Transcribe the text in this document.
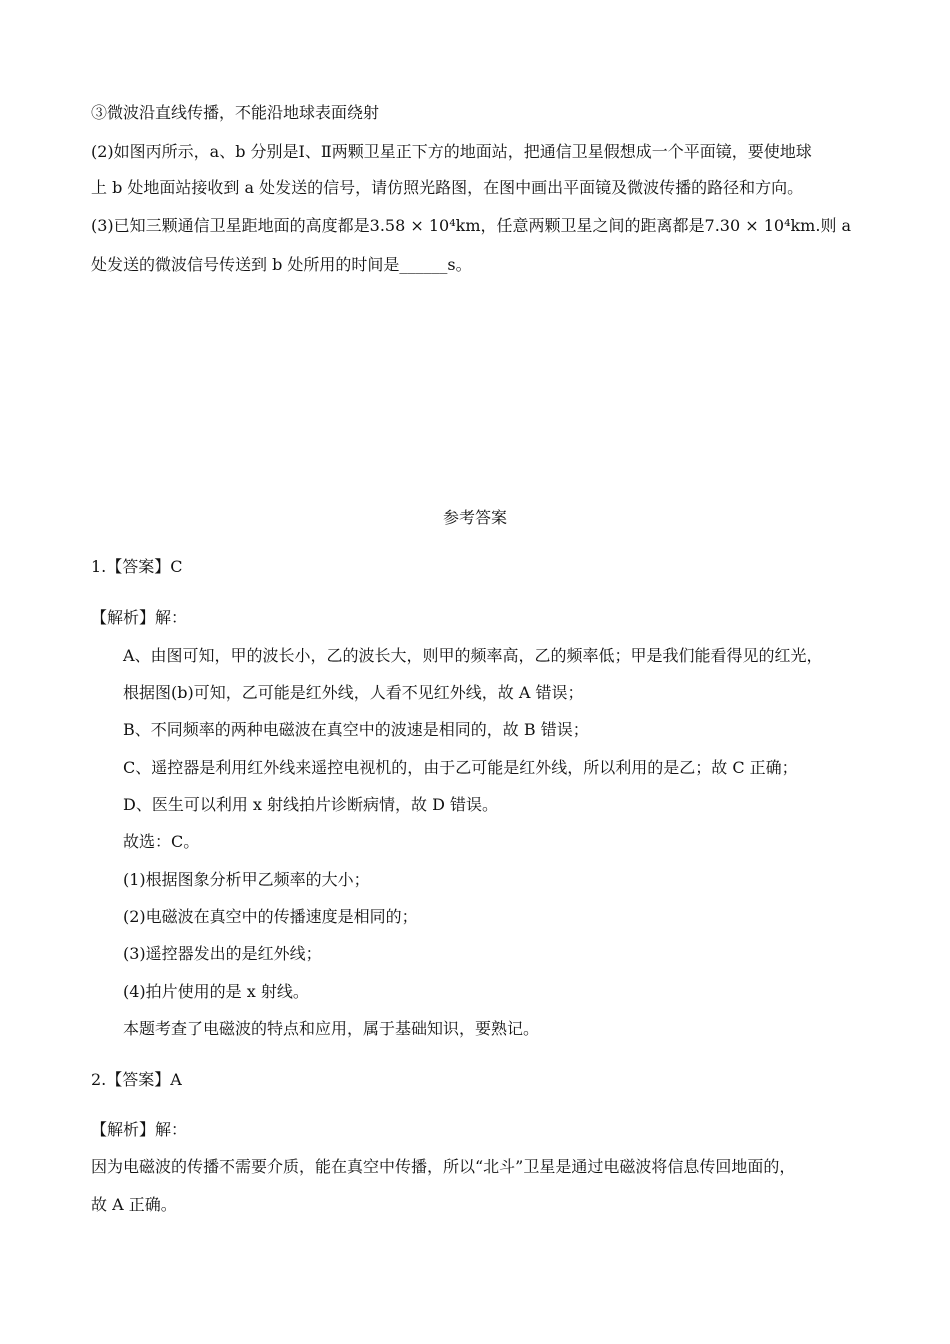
③微波沿直线传播，不能沿地球表面绕射
(2)如图丙所示，a、b 分别是Ⅰ、Ⅱ两颗卫星正下方的地面站，把通信卫星假想成一个平面镜，要使地球
上 b 处地面站接收到 a 处发送的信号，请仿照光路图，在图中画出平面镜及微波传播的路径和方向。
(3)已知三颗通信卫星距地面的高度都是3.58 × 10⁴km，任意两颗卫星之间的距离都是7.30 × 10⁴km.则 a
处发送的微波信号传送到 b 处所用的时间是______s。
参考答案
1.【答案】C
【解析】解：
A、由图可知，甲的波长小，乙的波长大，则甲的频率高，乙的频率低；甲是我们能看得见的红光，
根据图(b)可知，乙可能是红外线，人看不见红外线，故 A 错误；
B、不同频率的两种电磁波在真空中的波速是相同的，故 B 错误；
C、遥控器是利用红外线来遥控电视机的，由于乙可能是红外线，所以利用的是乙；故 C 正确；
D、医生可以利用 x 射线拍片诊断病情，故 D 错误。
故选：C。
(1)根据图象分析甲乙频率的大小；
(2)电磁波在真空中的传播速度是相同的；
(3)遥控器发出的是红外线；
(4)拍片使用的是 x 射线。
本题考查了电磁波的特点和应用，属于基础知识，要熟记。
2.【答案】A
【解析】解：
因为电磁波的传播不需要介质，能在真空中传播，所以“北斗”卫星是通过电磁波将信息传回地面的，
故 A 正确。
